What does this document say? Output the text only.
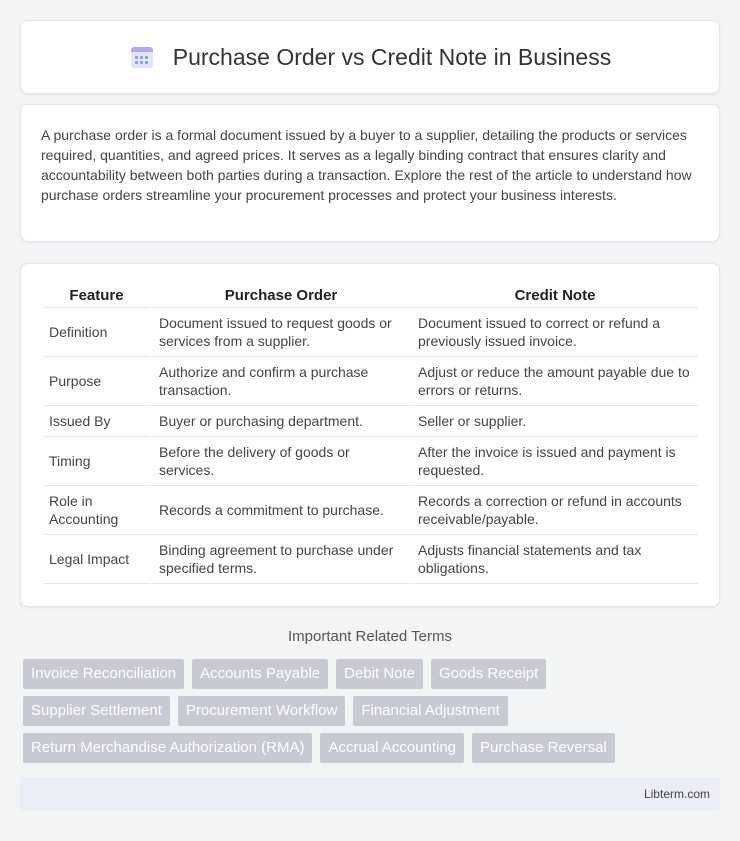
Purchase Order vs Credit Note in Business

A purchase order is a formal document issued by a buyer to a supplier, detailing the products or services required, quantities, and agreed prices. It serves as a legally binding contract that ensures clarity and accountability between both parties during a transaction. Explore the rest of the article to understand how purchase orders streamline your procurement processes and protect your business interests.

Feature	Purchase Order	Credit Note
Definition	Document issued to request goods or services from a supplier.	Document issued to correct or refund a previously issued invoice.
Purpose	Authorize and confirm a purchase transaction.	Adjust or reduce the amount payable due to errors or returns.
Issued By	Buyer or purchasing department.	Seller or supplier.
Timing	Before the delivery of goods or services.	After the invoice is issued and payment is requested.
Role in Accounting	Records a commitment to purchase.	Records a correction or refund in accounts receivable/payable.
Legal Impact	Binding agreement to purchase under specified terms.	Adjusts financial statements and tax obligations.
Important Related Terms
Invoice Reconciliation	Accounts Payable	Debit Note	Goods Receipt
Supplier Settlement	Procurement Workflow	Financial Adjustment
Return Merchandise Authorization (RMA)	Accrual Accounting	Purchase Reversal
Libterm.com
